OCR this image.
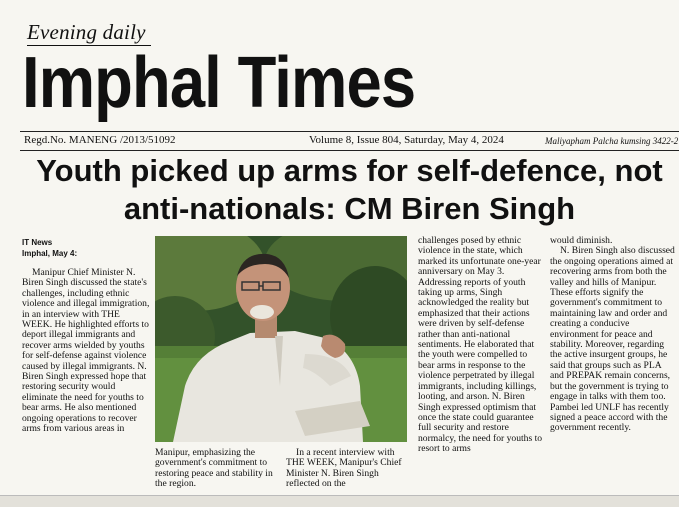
Evening daily
Imphal Times
Regd.No. MANENG /2013/51092	Volume 8, Issue 804, Saturday, May 4, 2024	Maliyapham Palcha kumsing 3422-2
Youth picked up arms for self-defence, not anti-nationals: CM Biren Singh
IT News
Imphal, May 4:

Manipur Chief Minister N. Biren Singh discussed the state's challenges, including ethnic violence and illegal immigration, in an interview with THE WEEK. He highlighted efforts to deport illegal immigrants and recover arms wielded by youths for self-defense against violence caused by illegal immigrants. N. Biren Singh expressed hope that restoring security would eliminate the need for youths to bear arms. He also mentioned ongoing operations to recover arms from various areas in

Manipur, emphasizing the government's commitment to restoring peace and stability in the region.

In a recent interview with THE WEEK, Manipur's Chief Minister N. Biren Singh reflected on the

challenges posed by ethnic violence in the state, which marked its unfortunate one-year anniversary on May 3. Addressing reports of youth taking up arms, Singh acknowledged the reality but emphasized that their actions were driven by self-defense rather than anti-national sentiments. He elaborated that the youth were compelled to bear arms in response to the violence perpetrated by illegal immigrants, including killings, looting, and arson. N. Biren Singh expressed optimism that once the state could guarantee full security and restore normalcy, the need for youths to resort to arms

would diminish.

N. Biren Singh also discussed the ongoing operations aimed at recovering arms from both the valley and hills of Manipur. These efforts signify the government's commitment to maintaining law and order and creating a conducive environment for peace and stability. Moreover, regarding the active insurgent groups, he said that groups such as PLA and PREPAK remain concerns, but the government is trying to engage in talks with them too. Pambei led UNLF has recently signed a peace accord with the government recently.
